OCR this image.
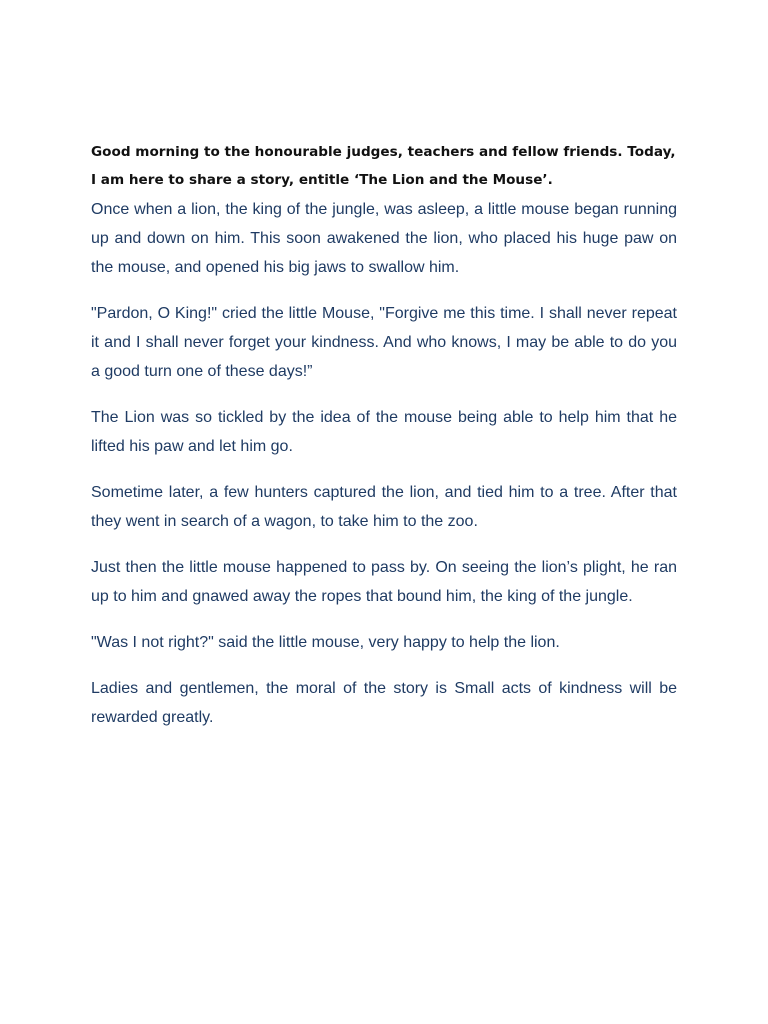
Good morning to the honourable judges, teachers and fellow friends. Today, I am here to share a story, entitle ‘The Lion and the Mouse’.

Once when a lion, the king of the jungle, was asleep, a little mouse began running up and down on him. This soon awakened the lion, who placed his huge paw on the mouse, and opened his big jaws to swallow him.

"Pardon, O King!" cried the little Mouse, "Forgive me this time. I shall never repeat it and I shall never forget your kindness. And who knows, I may be able to do you a good turn one of these days!”

The Lion was so tickled by the idea of the mouse being able to help him that he lifted his paw and let him go.

Sometime later, a few hunters captured the lion, and tied him to a tree. After that they went in search of a wagon, to take him to the zoo.

Just then the little mouse happened to pass by. On seeing the lion’s plight, he ran up to him and gnawed away the ropes that bound him, the king of the jungle.

"Was I not right?" said the little mouse, very happy to help the lion.

Ladies and gentlemen, the moral of the story is Small acts of kindness will be rewarded greatly.
